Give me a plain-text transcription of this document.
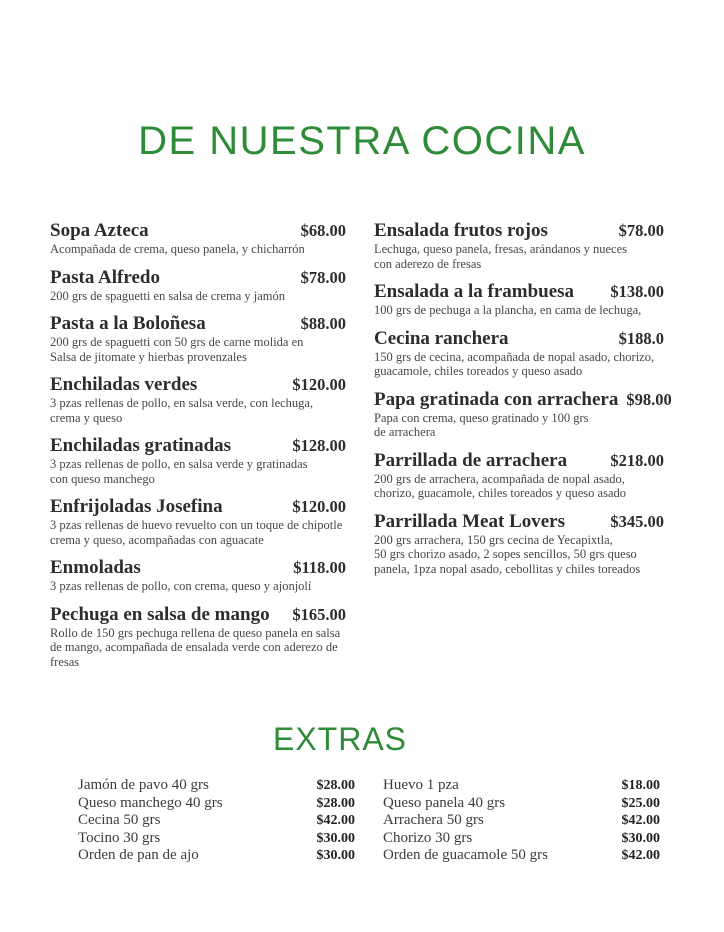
DE NUESTRA COCINA
Sopa Azteca	$68.00
Acompañada de crema, queso panela, y chicharrón
Pasta Alfredo	$78.00
200 grs de spaguetti en salsa de crema y jamón
Pasta a la Boloñesa	$88.00
200 grs de spaguetti con 50 grs de carne molida en
Salsa de jitomate y hierbas provenzales
Enchiladas verdes	$120.00
3 pzas rellenas de pollo, en salsa verde, con lechuga,
crema y queso
Enchiladas gratinadas	$128.00
3 pzas rellenas de pollo, en salsa verde y gratinadas
con queso manchego
Enfrijoladas Josefina	$120.00
3 pzas rellenas de huevo revuelto con un toque de chipotle
crema y queso, acompañadas con aguacate
Enmoladas	$118.00
3 pzas rellenas de pollo, con crema, queso y ajonjolí
Pechuga en salsa de mango	$165.00
Rollo de 150 grs pechuga rellena de queso panela en salsa
de mango, acompañada de ensalada verde con aderezo de fresas
Ensalada frutos rojos	$78.00
Lechuga, queso panela, fresas, arándanos y nueces
con aderezo de fresas
Ensalada a la frambuesa	$138.00
100 grs de pechuga a la plancha, en cama de lechuga,
Cecina ranchera	$188.0
150 grs de cecina, acompañada de nopal asado, chorizo,
guacamole, chiles toreados y queso asado
Papa gratinada con arrachera $98.00
Papa con crema, queso gratinado y 100 grs
de arrachera
Parrillada de arrachera	$218.00
200 grs de arrachera, acompañada de nopal asado,
chorizo, guacamole, chiles toreados y queso asado
Parrillada Meat Lovers	$345.00
200 grs arrachera, 150 grs cecina de Yecapixtla,
50 grs chorizo asado, 2 sopes sencillos, 50 grs queso
panela, 1pza nopal asado, cebollitas y chiles toreados
EXTRAS
Jamón de pavo 40 grs	$28.00
Queso manchego 40 grs	$28.00
Cecina 50 grs	$42.00
Tocino 30 grs	$30.00
Orden de pan de ajo	$30.00
Huevo 1 pza	$18.00
Queso panela 40 grs	$25.00
Arrachera 50 grs	$42.00
Chorizo 30 grs	$30.00
Orden de guacamole 50 grs	$42.00
